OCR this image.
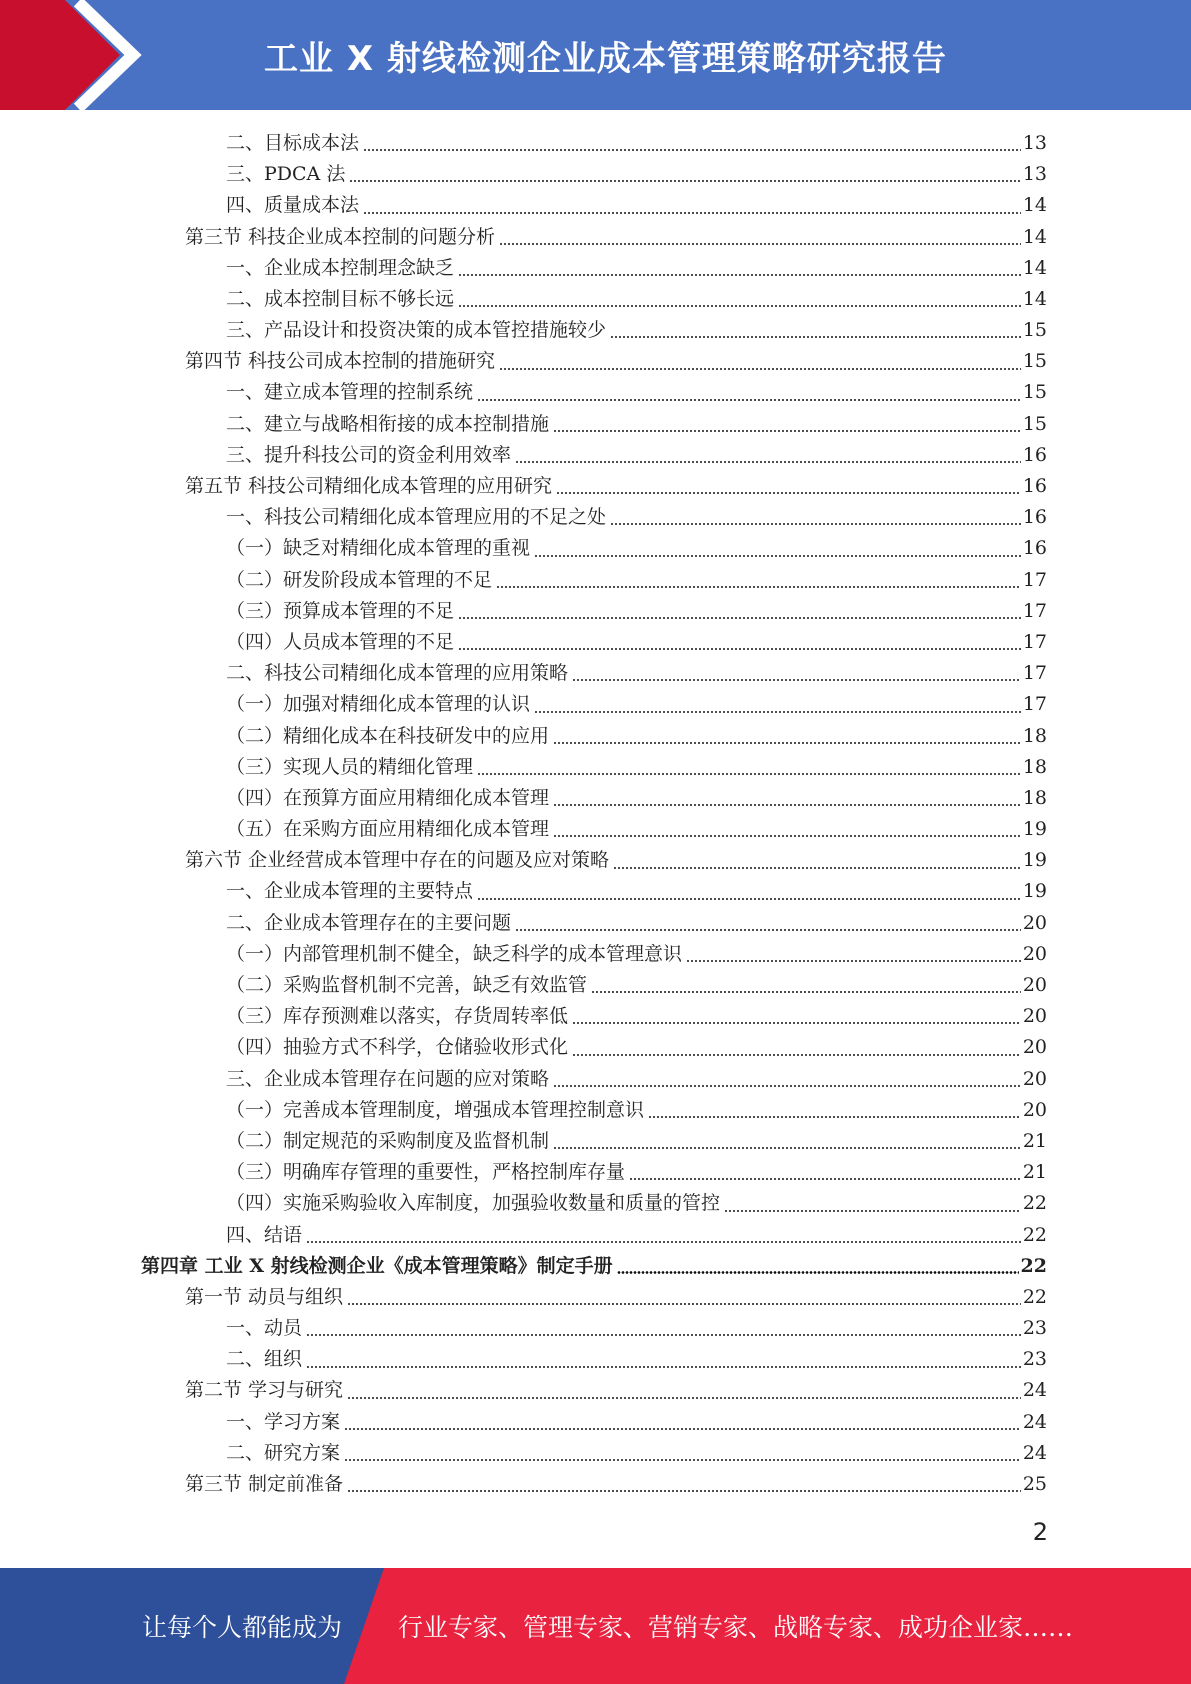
工业 X 射线检测企业成本管理策略研究报告
二、目标成本法	13
三、PDCA 法	13
四、质量成本法	14
第三节 科技企业成本控制的问题分析	14
一、企业成本控制理念缺乏	14
二、成本控制目标不够长远	14
三、产品设计和投资决策的成本管控措施较少	15
第四节 科技公司成本控制的措施研究	15
一、建立成本管理的控制系统	15
二、建立与战略相衔接的成本控制措施	15
三、提升科技公司的资金利用效率	16
第五节 科技公司精细化成本管理的应用研究	16
一、科技公司精细化成本管理应用的不足之处	16
（一）缺乏对精细化成本管理的重视	16
（二）研发阶段成本管理的不足	17
（三）预算成本管理的不足	17
（四）人员成本管理的不足	17
二、科技公司精细化成本管理的应用策略	17
（一）加强对精细化成本管理的认识	17
（二）精细化成本在科技研发中的应用	18
（三）实现人员的精细化管理	18
（四）在预算方面应用精细化成本管理	18
（五）在采购方面应用精细化成本管理	19
第六节 企业经营成本管理中存在的问题及应对策略	19
一、企业成本管理的主要特点	19
二、企业成本管理存在的主要问题	20
（一）内部管理机制不健全，缺乏科学的成本管理意识	20
（二）采购监督机制不完善，缺乏有效监管	20
（三）库存预测难以落实，存货周转率低	20
（四）抽验方式不科学，仓储验收形式化	20
三、企业成本管理存在问题的应对策略	20
（一）完善成本管理制度，增强成本管理控制意识	20
（二）制定规范的采购制度及监督机制	21
（三）明确库存管理的重要性，严格控制库存量	21
（四）实施采购验收入库制度，加强验收数量和质量的管控	22
四、结语	22
第四章 工业 X 射线检测企业《成本管理策略》制定手册	22
第一节 动员与组织	22
一、动员	23
二、组织	23
第二节 学习与研究	24
一、学习方案	24
二、研究方案	24
第三节 制定前准备	25
2
让每个人都能成为 行业专家、管理专家、营销专家、战略专家、成功企业家……
